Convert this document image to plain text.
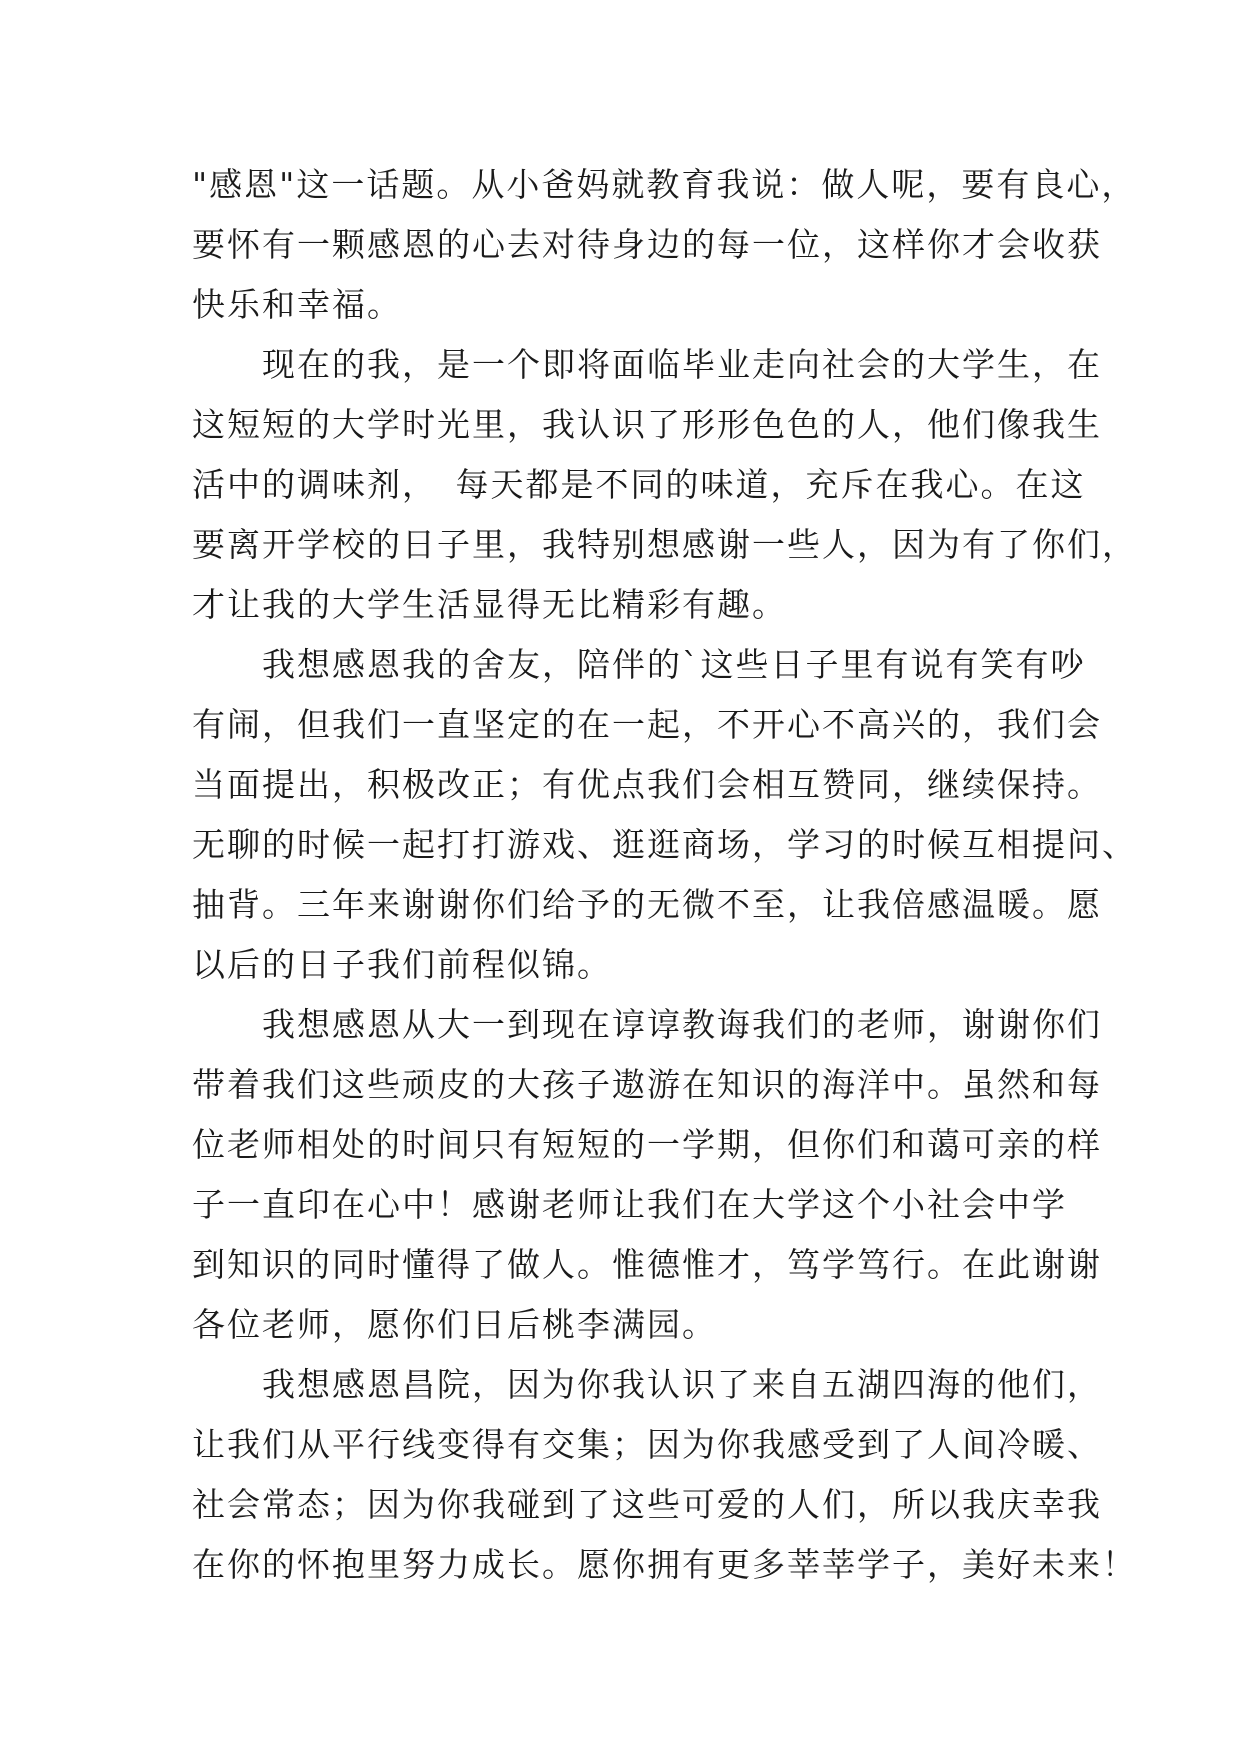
"感恩"这一话题。从小爸妈就教育我说：做人呢，要有良心，
要怀有一颗感恩的心去对待身边的每一位，这样你才会收获
快乐和幸福。
　　现在的我，是一个即将面临毕业走向社会的大学生，在
这短短的大学时光里，我认识了形形色色的人，他们像我生
活中的调味剂，　每天都是不同的味道，充斥在我心。在这
要离开学校的日子里，我特别想感谢一些人，因为有了你们，
才让我的大学生活显得无比精彩有趣。
　　我想感恩我的舍友，陪伴的`这些日子里有说有笑有吵
有闹，但我们一直坚定的在一起，不开心不高兴的，我们会
当面提出，积极改正；有优点我们会相互赞同，继续保持。
无聊的时候一起打打游戏、逛逛商场，学习的时候互相提问、
抽背。三年来谢谢你们给予的无微不至，让我倍感温暖。愿
以后的日子我们前程似锦。
　　我想感恩从大一到现在谆谆教诲我们的老师，谢谢你们
带着我们这些顽皮的大孩子遨游在知识的海洋中。虽然和每
位老师相处的时间只有短短的一学期，但你们和蔼可亲的样
子一直印在心中！感谢老师让我们在大学这个小社会中学
到知识的同时懂得了做人。惟德惟才，笃学笃行。在此谢谢
各位老师，愿你们日后桃李满园。
　　我想感恩昌院，因为你我认识了来自五湖四海的他们，
让我们从平行线变得有交集；因为你我感受到了人间冷暖、
社会常态；因为你我碰到了这些可爱的人们，所以我庆幸我
在你的怀抱里努力成长。愿你拥有更多莘莘学子，美好未来！
